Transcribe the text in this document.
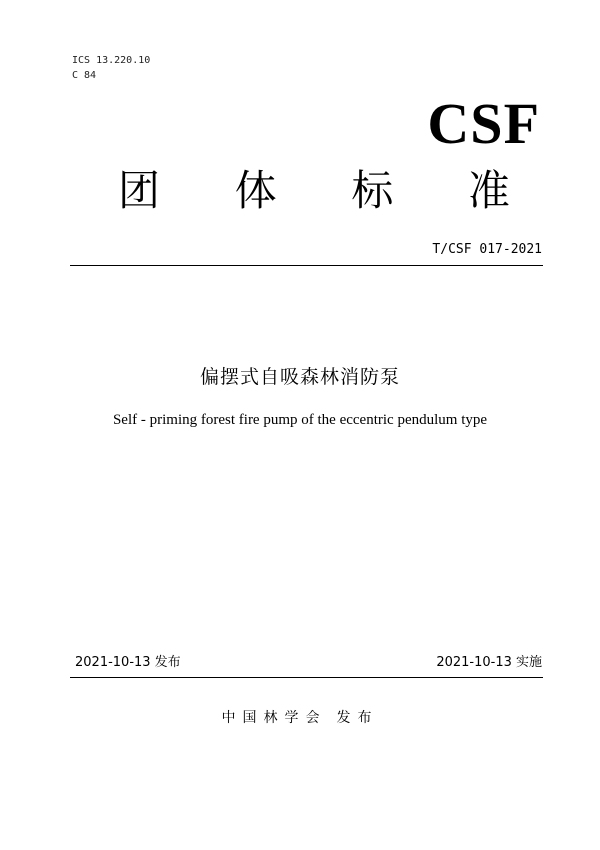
ICS 13.220.10
C 84
CSF
团 体 标 准
T/CSF 017-2021
偏摆式自吸森林消防泵
Self - priming forest fire pump of the eccentric pendulum type
2021-10-13 发布	2021-10-13 实施
中国林学会 发布
